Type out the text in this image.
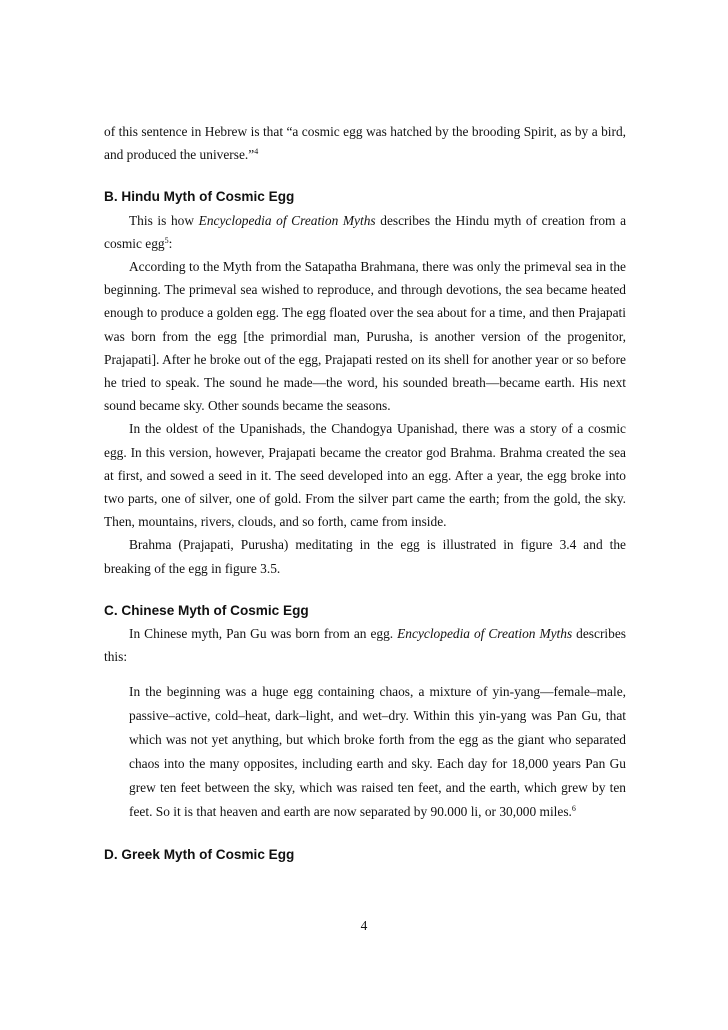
of this sentence in Hebrew is that “a cosmic egg was hatched by the brooding Spirit, as by a bird, and produced the universe.”$^4$

B. Hindu Myth of Cosmic Egg

This is how Encyclopedia of Creation Myths describes the Hindu myth of creation from a cosmic egg$^5$:

According to the Myth from the Satapatha Brahmana, there was only the primeval sea in the beginning. The primeval sea wished to reproduce, and through devotions, the sea became heated enough to produce a golden egg. The egg floated over the sea about for a time, and then Prajapati was born from the egg [the primordial man, Purusha, is another version of the progenitor, Prajapati]. After he broke out of the egg, Prajapati rested on its shell for another year or so before he tried to speak. The sound he made—the word, his sounded breath—became earth. His next sound became sky. Other sounds became the seasons.

In the oldest of the Upanishads, the Chandogya Upanishad, there was a story of a cosmic egg. In this version, however, Prajapati became the creator god Brahma. Brahma created the sea at first, and sowed a seed in it. The seed developed into an egg. After a year, the egg broke into two parts, one of silver, one of gold. From the silver part came the earth; from the gold, the sky. Then, mountains, rivers, clouds, and so forth, came from inside.

Brahma (Prajapati, Purusha) meditating in the egg is illustrated in figure 3.4 and the breaking of the egg in figure 3.5.

C. Chinese Myth of Cosmic Egg

In Chinese myth, Pan Gu was born from an egg. Encyclopedia of Creation Myths describes this:

In the beginning was a huge egg containing chaos, a mixture of yin-yang—female–male, passive–active, cold–heat, dark–light, and wet–dry. Within this yin-yang was Pan Gu, that which was not yet anything, but which broke forth from the egg as the giant who separated chaos into the many opposites, including earth and sky. Each day for 18,000 years Pan Gu grew ten feet between the sky, which was raised ten feet, and the earth, which grew by ten feet. So it is that heaven and earth are now separated by 90.000 li, or 30,000 miles.$^6$

D. Greek Myth of Cosmic Egg
4
